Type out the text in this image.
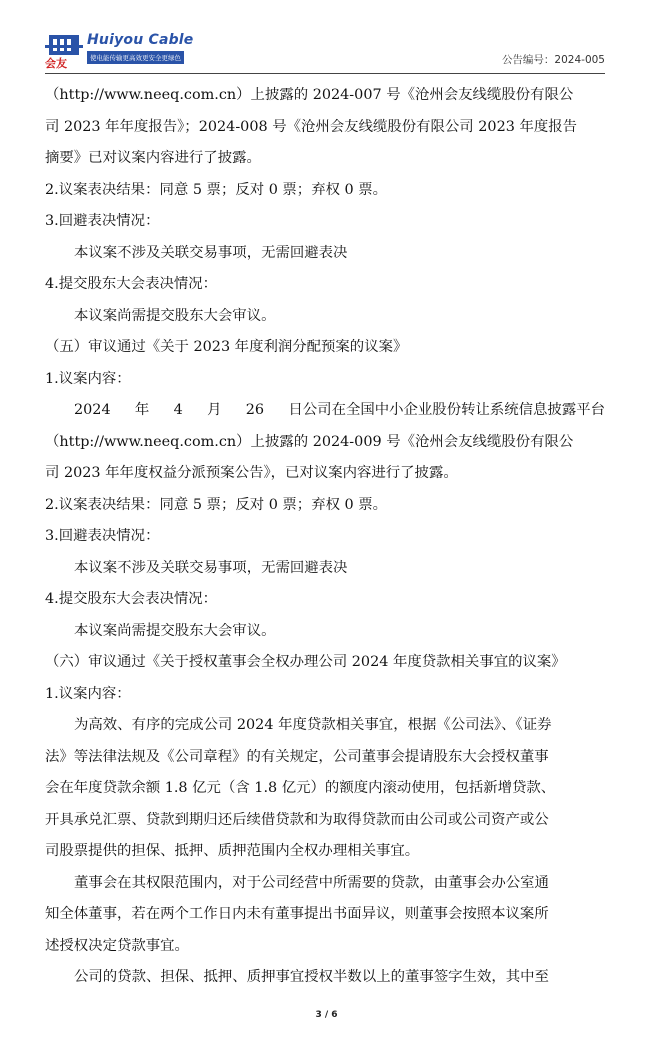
会友
Huiyou Cable
使电能传输更高效更安全更绿色	公告编号：2024-005
（http://www.neeq.com.cn）上披露的 2024-007 号《沧州会友线缆股份有限公
司 2023 年年度报告》；2024-008 号《沧州会友线缆股份有限公司 2023 年度报告
摘要》已对议案内容进行了披露。
2.议案表决结果：同意 5 票；反对 0 票；弃权 0 票。
3.回避表决情况：
本议案不涉及关联交易事项，无需回避表决
4.提交股东大会表决情况：
本议案尚需提交股东大会审议。
（五）审议通过《关于 2023 年度利润分配预案的议案》
1.议案内容：
2024 年 4 月 26 日公司在全国中小企业股份转让系统信息披露平台
（http://www.neeq.com.cn）上披露的 2024-009 号《沧州会友线缆股份有限公
司 2023 年年度权益分派预案公告》，已对议案内容进行了披露。
2.议案表决结果：同意 5 票；反对 0 票；弃权 0 票。
3.回避表决情况：
本议案不涉及关联交易事项，无需回避表决
4.提交股东大会表决情况：
本议案尚需提交股东大会审议。
（六）审议通过《关于授权董事会全权办理公司 2024 年度贷款相关事宜的议案》
1.议案内容：
为高效、有序的完成公司 2024 年度贷款相关事宜，根据《公司法》、《证券
法》等法律法规及《公司章程》的有关规定，公司董事会提请股东大会授权董事
会在年度贷款余额 1.8 亿元（含 1.8 亿元）的额度内滚动使用，包括新增贷款、
开具承兑汇票、贷款到期归还后续借贷款和为取得贷款而由公司或公司资产或公
司股票提供的担保、抵押、质押范围内全权办理相关事宜。
董事会在其权限范围内，对于公司经营中所需要的贷款，由董事会办公室通
知全体董事，若在两个工作日内未有董事提出书面异议，则董事会按照本议案所
述授权决定贷款事宜。
公司的贷款、担保、抵押、质押事宜授权半数以上的董事签字生效，其中至
3 / 6
